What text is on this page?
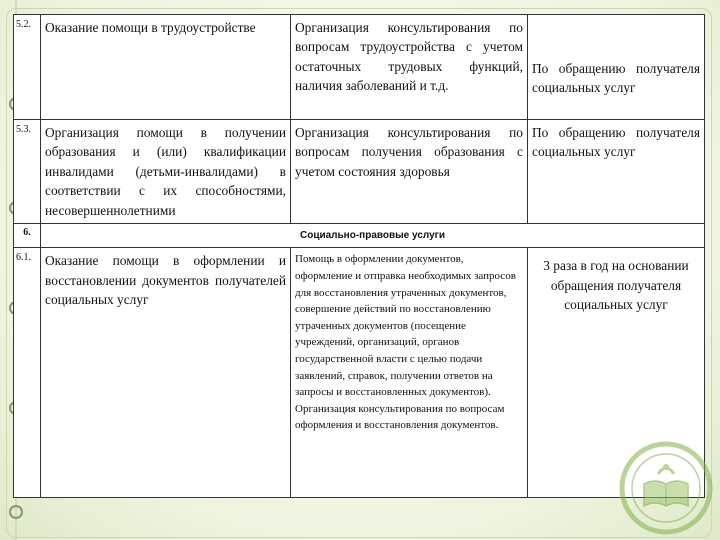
5.2.	Оказание помощи в трудоустройстве	Организация консультирования по вопросам трудоустройства с учетом остаточных трудовых функций, наличия заболеваний и т.д.	По обращению получателя социальных услуг
5.3.	Организация помощи в получении образования и (или) квалификации инвалидами (детьми-инвалидами) в соответствии с их способностями, несовершеннолетними	Организация консультирования по вопросам получения образования с учетом состояния здоровья	По обращению получателя социальных услуг
6.	Социально-правовые услуги		
6.1.	Оказание помощи в оформлении и восстановлении документов получателей социальных услуг	Помощь в оформлении документов, оформление и отправка необходимых запросов для восстановления утраченных документов, совершение действий по восстановлению утраченных документов (посещение учреждений, организаций, органов государственной власти с целью подачи заявлений, справок, получении ответов на запросы и восстановленных документов). Организация консультирования по вопросам оформления и восстановления документов.	3 раза в год на основании обращения получателя социальных услуг
